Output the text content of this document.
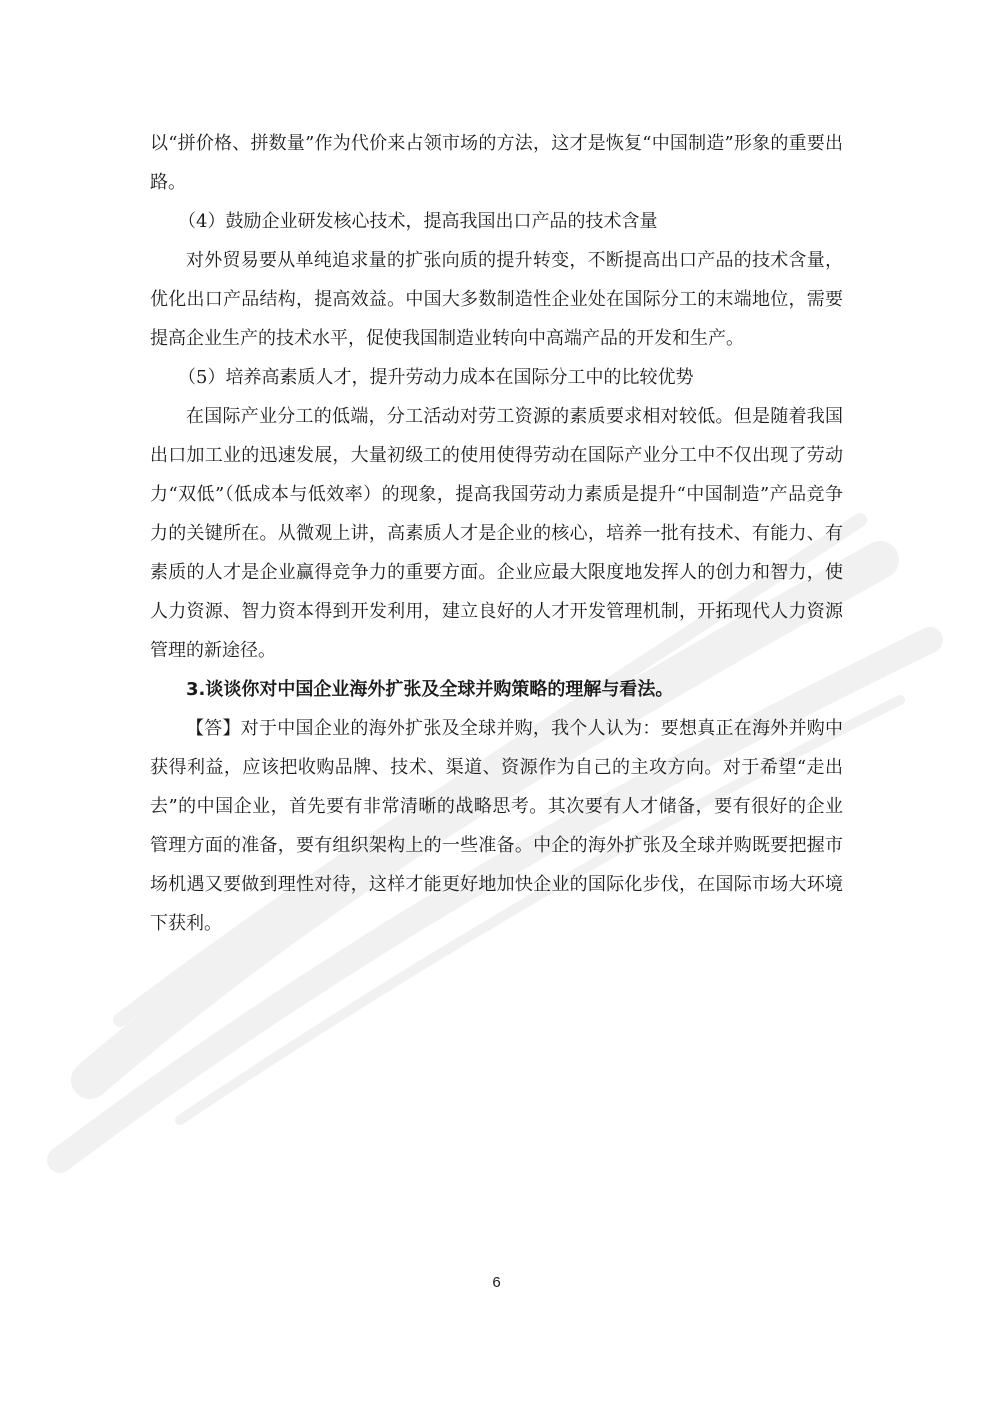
以“拼价格、拼数量”作为代价来占领市场的方法，这才是恢复“中国制造”形象的重要出路。

（4）鼓励企业研发核心技术，提高我国出口产品的技术含量

对外贸易要从单纯追求量的扩张向质的提升转变，不断提高出口产品的技术含量，优化出口产品结构，提高效益。中国大多数制造性企业处在国际分工的末端地位，需要提高企业生产的技术水平，促使我国制造业转向中高端产品的开发和生产。

（5）培养高素质人才，提升劳动力成本在国际分工中的比较优势

在国际产业分工的低端，分工活动对劳工资源的素质要求相对较低。但是随着我国出口加工业的迅速发展，大量初级工的使用使得劳动在国际产业分工中不仅出现了劳动力“双低”（低成本与低效率）的现象，提高我国劳动力素质是提升“中国制造”产品竞争力的关键所在。从微观上讲，高素质人才是企业的核心，培养一批有技术、有能力、有素质的人才是企业赢得竞争力的重要方面。企业应最大限度地发挥人的创力和智力，使人力资源、智力资本得到开发利用，建立良好的人才开发管理机制，开拓现代人力资源管理的新途径。

3.谈谈你对中国企业海外扩张及全球并购策略的理解与看法。

【答】对于中国企业的海外扩张及全球并购，我个人认为：要想真正在海外并购中获得利益，应该把收购品牌、技术、渠道、资源作为自己的主攻方向。对于希望“走出去”的中国企业，首先要有非常清晰的战略思考。其次要有人才储备，要有很好的企业管理方面的准备，要有组织架构上的一些准备。中企的海外扩张及全球并购既要把握市场机遇又要做到理性对待，这样才能更好地加快企业的国际化步伐，在国际市场大环境下获利。

6
